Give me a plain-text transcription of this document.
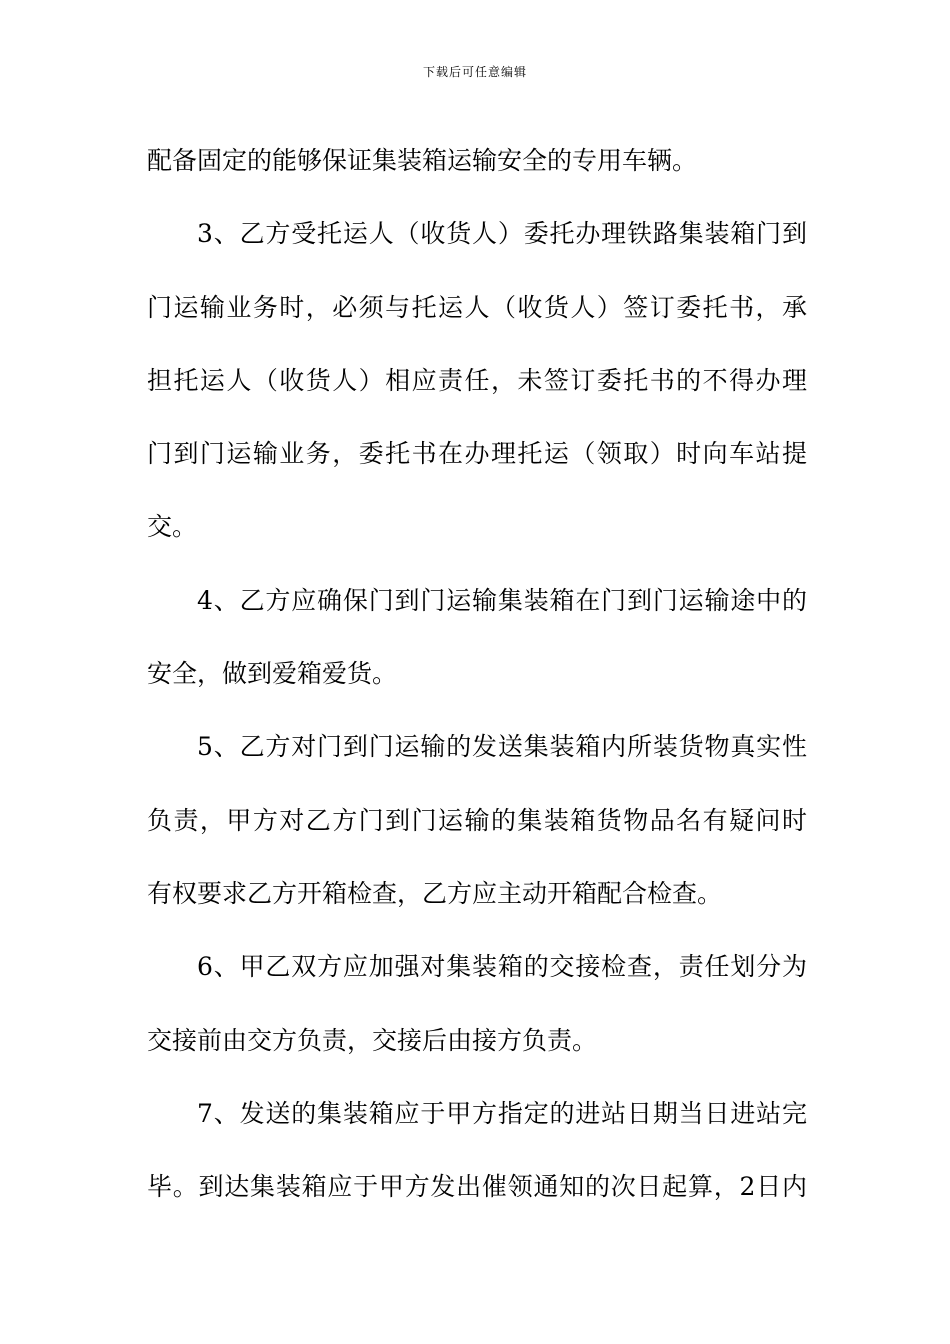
下载后可任意编辑
配备固定的能够保证集装箱运输安全的专用车辆。
3、乙方受托运人（收货人）委托办理铁路集装箱门到
门运输业务时，必须与托运人（收货人）签订委托书，承
担托运人（收货人）相应责任，未签订委托书的不得办理
门到门运输业务，委托书在办理托运（领取）时向车站提
交。
4、乙方应确保门到门运输集装箱在门到门运输途中的
安全，做到爱箱爱货。
5、乙方对门到门运输的发送集装箱内所装货物真实性
负责，甲方对乙方门到门运输的集装箱货物品名有疑问时
有权要求乙方开箱检查，乙方应主动开箱配合检查。
6、甲乙双方应加强对集装箱的交接检查，责任划分为
交接前由交方负责，交接后由接方负责。
7、发送的集装箱应于甲方指定的进站日期当日进站完
毕。到达集装箱应于甲方发出催领通知的次日起算，2日内
